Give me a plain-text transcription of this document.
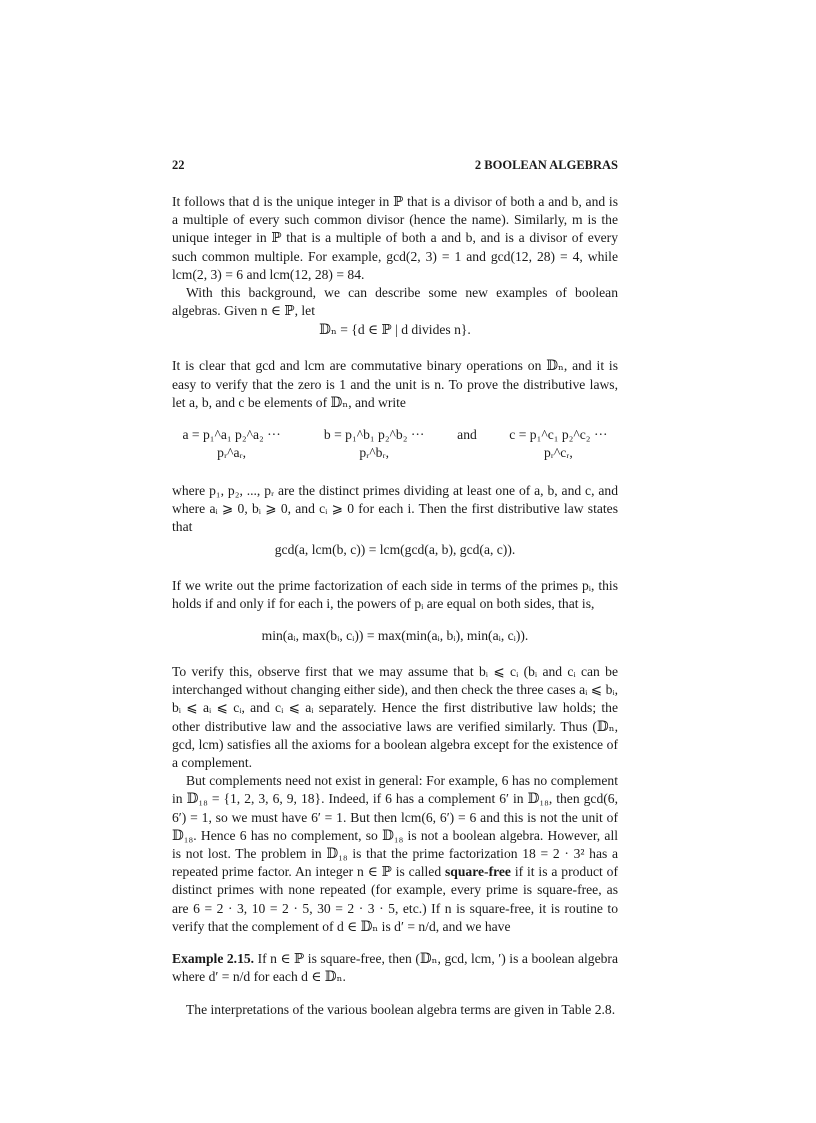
22	2 BOOLEAN ALGEBRAS

It follows that d is the unique integer in ℙ that is a divisor of both a and b, and is a multiple of every such common divisor (hence the name). Similarly, m is the unique integer in ℙ that is a multiple of both a and b, and is a divisor of every such common multiple. For example, gcd(2, 3) = 1 and gcd(12, 28) = 4, while lcm(2, 3) = 6 and lcm(12, 28) = 84.

With this background, we can describe some new examples of boolean algebras. Given n ∈ ℙ, let

𝔻ₙ = {d ∈ ℙ | d divides n}.

It is clear that gcd and lcm are commutative binary operations on 𝔻ₙ, and it is easy to verify that the zero is 1 and the unit is n. To prove the distributive laws, let a, b, and c be elements of 𝔻ₙ, and write

a = p₁^a₁ p₂^a₂ ··· pᵣ^aᵣ,
b = p₁^b₁ p₂^b₂ ··· pᵣ^bᵣ,
and	c = p₁^c₁ p₂^c₂ ··· pᵣ^cᵣ,

where p₁, p₂, ..., pᵣ are the distinct primes dividing at least one of a, b, and c, and where aᵢ ⩾ 0, bᵢ ⩾ 0, and cᵢ ⩾ 0 for each i. Then the first distributive law states that

gcd(a, lcm(b, c)) = lcm(gcd(a, b), gcd(a, c)).

If we write out the prime factorization of each side in terms of the primes pᵢ, this holds if and only if for each i, the powers of pᵢ are equal on both sides, that is,

min(aᵢ, max(bᵢ, cᵢ)) = max(min(aᵢ, bᵢ), min(aᵢ, cᵢ)).

To verify this, observe first that we may assume that bᵢ ⩽ cᵢ (bᵢ and cᵢ can be interchanged without changing either side), and then check the three cases aᵢ ⩽ bᵢ, bᵢ ⩽ aᵢ ⩽ cᵢ, and cᵢ ⩽ aᵢ separately. Hence the first distributive law holds; the other distributive law and the associative laws are verified similarly. Thus (𝔻ₙ, gcd, lcm) satisfies all the axioms for a boolean algebra except for the existence of a complement.

But complements need not exist in general: For example, 6 has no complement in 𝔻₁₈ = {1, 2, 3, 6, 9, 18}. Indeed, if 6 has a complement 6′ in 𝔻₁₈, then gcd(6, 6′) = 1, so we must have 6′ = 1. But then lcm(6, 6′) = 6 and this is not the unit of 𝔻₁₈. Hence 6 has no complement, so 𝔻₁₈ is not a boolean algebra. However, all is not lost. The problem in 𝔻₁₈ is that the prime factorization 18 = 2 · 3² has a repeated prime factor. An integer n ∈ ℙ is called square-free if it is a product of distinct primes with none repeated (for example, every prime is square-free, as are 6 = 2 · 3, 10 = 2 · 5, 30 = 2 · 3 · 5, etc.) If n is square-free, it is routine to verify that the complement of d ∈ 𝔻ₙ is d′ = n/d, and we have

Example 2.15. If n ∈ ℙ is square-free, then (𝔻ₙ, gcd, lcm, ′) is a boolean algebra where d′ = n/d for each d ∈ 𝔻ₙ.

The interpretations of the various boolean algebra terms are given in Table 2.8.
